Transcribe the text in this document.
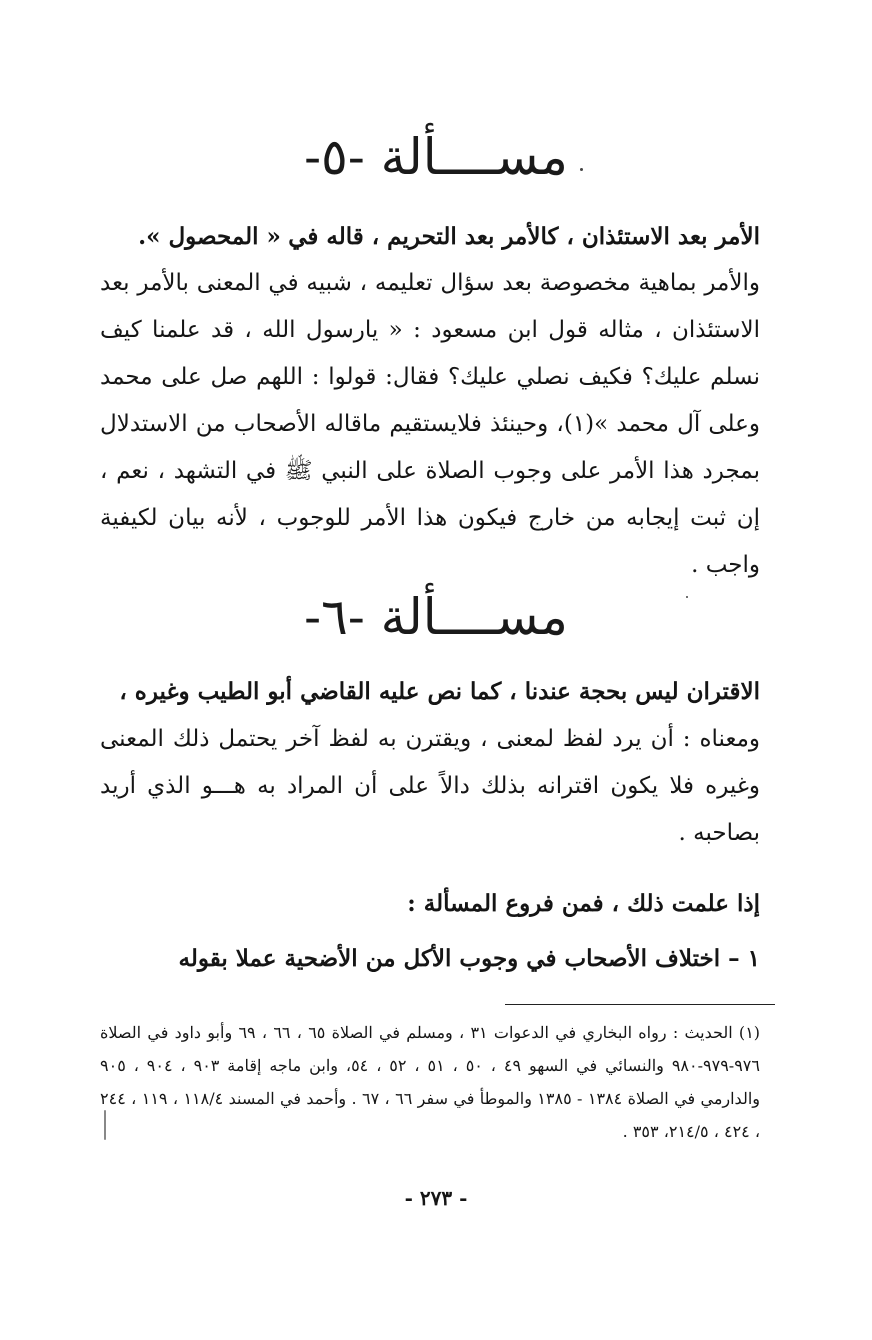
مســــألة -٥-
الأمر بعد الاستئذان ، كالأمر بعد التحريم ، قاله في « المحصول ».
والأمر بماهية مخصوصة بعد سؤال تعليمه ، شبيه في المعنى بالأمر بعد الاستئذان ، مثاله قول ابن مسعود : « يارسول الله ، قد علمنا كيف نسلم عليك؟ فكيف نصلي عليك؟ فقال: قولوا : اللهم صل على محمد وعلى آل محمد »(١)، وحينئذ فلايستقيم ماقاله الأصحاب من الاستدلال بمجرد هذا الأمر على وجوب الصلاة على النبي ﷺ في التشهد ، نعم ، إن ثبت إيجابه من خارج فيكون هذا الأمر للوجوب ، لأنه بيان لكيفية واجب .
مســــألة -٦-
الاقتران ليس بحجة عندنا ، كما نص عليه القاضي أبو الطيب وغيره ،
ومعناه : أن يرد لفظ لمعنى ، ويقترن به لفظ آخر يحتمل ذلك المعنى وغيره فلا يكون اقترانه بذلك دالاً على أن المراد به هـــو الذي أريد بصاحبه .
إذا علمت ذلك ، فمن فروع المسألة :
١ – اختلاف الأصحاب في وجوب الأكل من الأضحية عملا بقوله
(١) الحديث : رواه البخاري في الدعوات ٣١ ، ومسلم في الصلاة ٦٥ ، ٦٦ ، ٦٩ وأبو داود في الصلاة ٩٧٦-٩٧٩-٩٨٠ والنسائي في السهو ٤٩ ، ٥٠ ، ٥١ ، ٥٢ ، ٥٤، وابن ماجه إقامة ٩٠٣ ، ٩٠٤ ، ٩٠٥ والدارمي في الصلاة ١٣٨٤ - ١٣٨٥ والموطأ في سفر ٦٦ ، ٦٧ . وأحمد في المسند ١١٨/٤ ، ١١٩ ، ٢٤٤ ، ٤٢٤ ، ٢١٤/٥، ٣٥٣ .
- ٢٧٣ -
